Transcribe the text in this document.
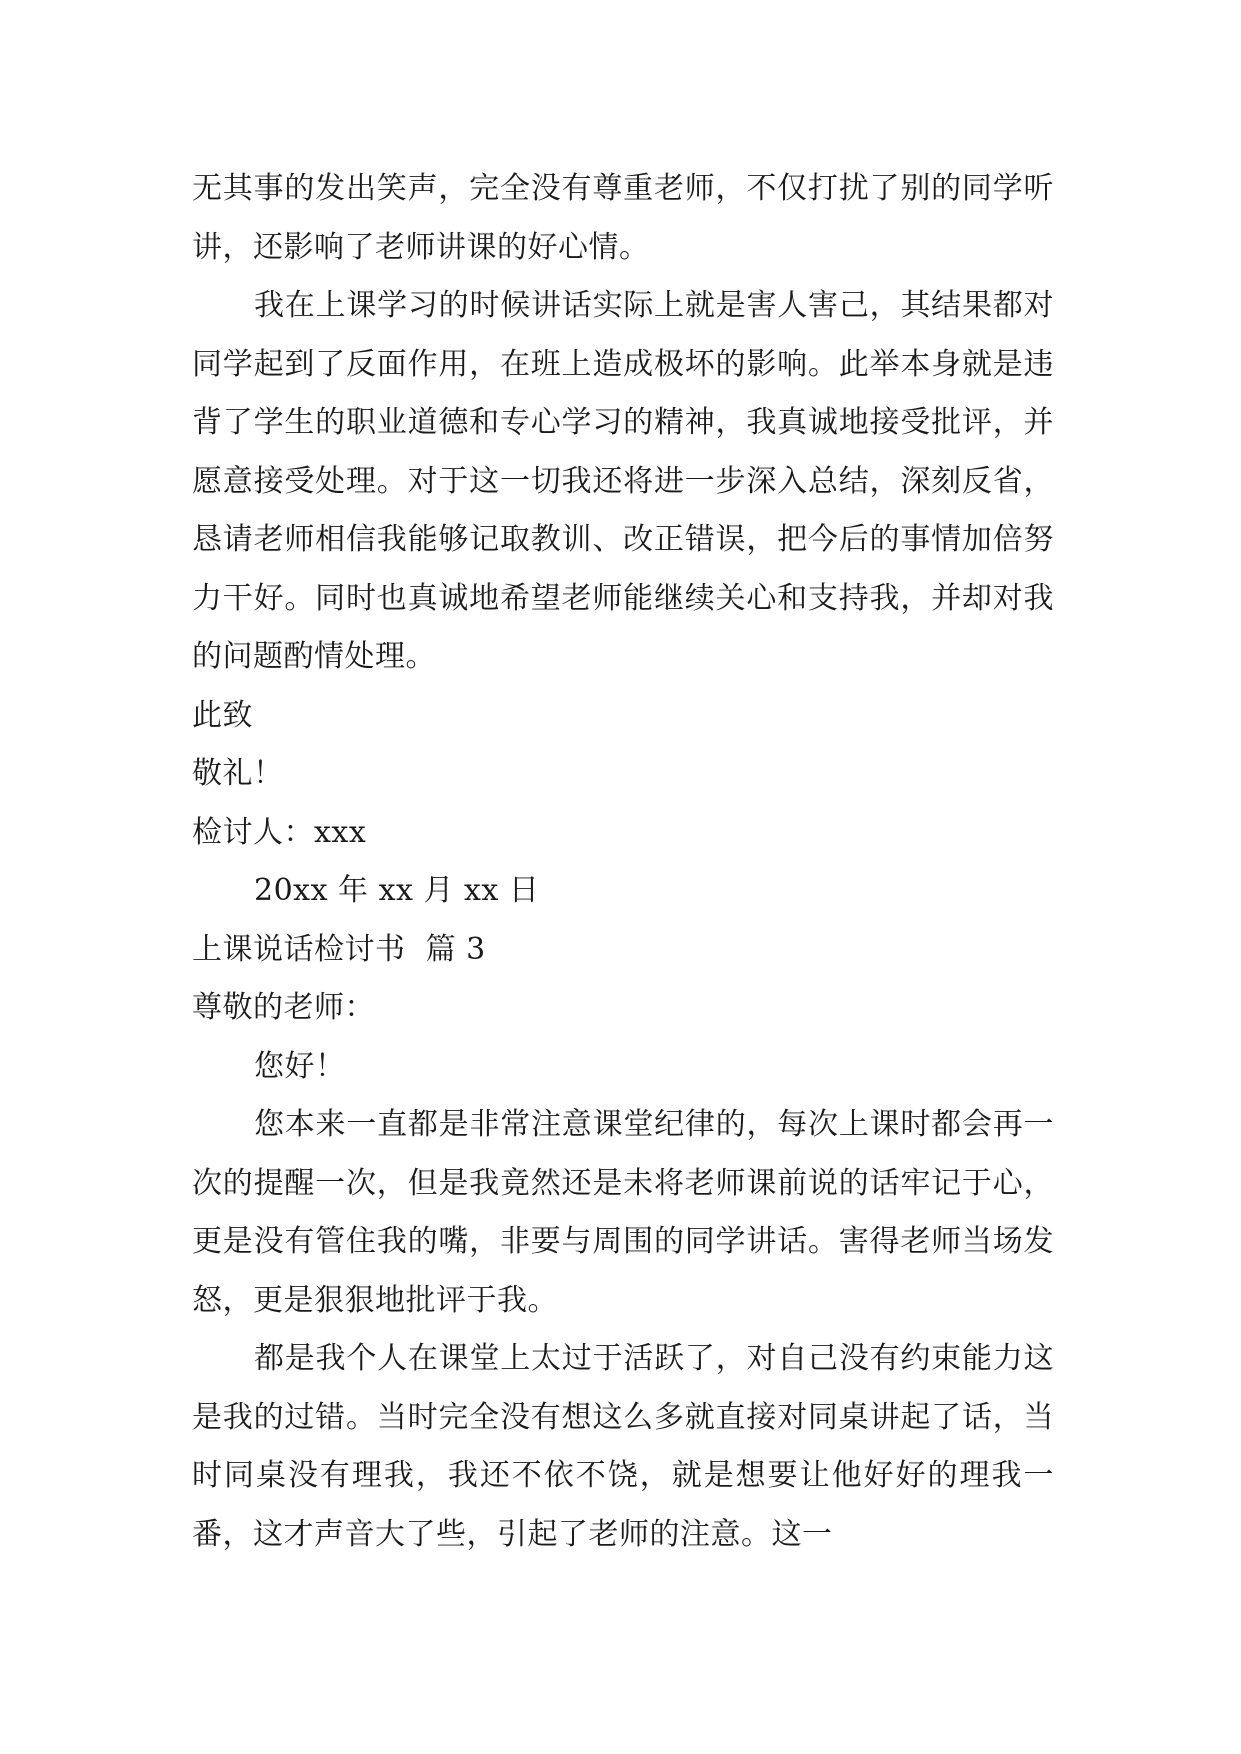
无其事的发出笑声，完全没有尊重老师，不仅打扰了别的同学听讲，还影响了老师讲课的好心情。
我在上课学习的时候讲话实际上就是害人害己，其结果都对同学起到了反面作用，在班上造成极坏的影响。此举本身就是违背了学生的职业道德和专心学习的精神，我真诚地接受批评，并愿意接受处理。对于这一切我还将进一步深入总结，深刻反省，恳请老师相信我能够记取教训、改正错误，把今后的事情加倍努力干好。同时也真诚地希望老师能继续关心和支持我，并却对我的问题酌情处理。
此致
敬礼！
检讨人：xxx
20xx 年 xx 月 xx 日
上课说话检讨书  篇 3
尊敬的老师：
您好！
您本来一直都是非常注意课堂纪律的，每次上课时都会再一次的提醒一次，但是我竟然还是未将老师课前说的话牢记于心，更是没有管住我的嘴，非要与周围的同学讲话。害得老师当场发怒，更是狠狠地批评于我。
都是我个人在课堂上太过于活跃了，对自己没有约束能力这是我的过错。当时完全没有想这么多就直接对同桌讲起了话，当时同桌没有理我，我还不依不饶，就是想要让他好好的理我一番，这才声音大了些，引起了老师的注意。这一
